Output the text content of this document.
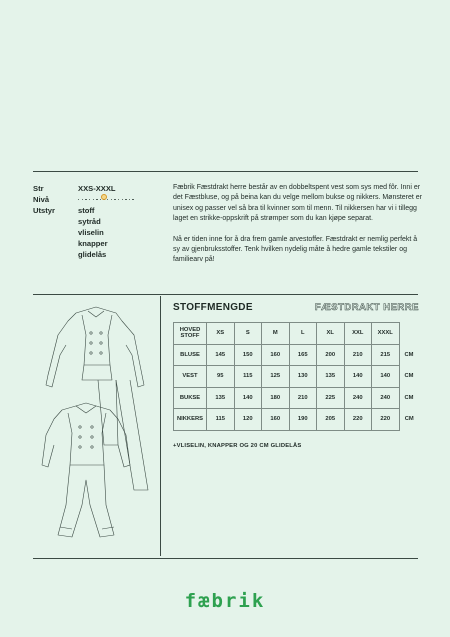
Str	XXS-XXXL
Nivå
Utstyr	stoff
sytråd
vliselin
knapper
glidelås

Fæbrik Fæstdrakt herre består av en dobbeltspent vest som sys med fôr. Inni er det Fæstbluse, og på beina kan du velge mellom bukse og nikkers. Mønsteret er unisex og passer vel så bra til kvinner som til menn. Til nikkersen har vi i tillegg laget en strikke-oppskrift på strømper som du kan kjøpe separat.

Nå er tiden inne for å dra frem gamle arvestoffer. Fæstdrakt er nemlig perfekt å sy av gjenbruksstoffer. Tenk hvilken nydelig måte å hedre gamle tekstiler og familiearv på!

STOFFMENGDE	FÆSTDRAKT HERRE
HOVED STOFF	XS	S	M	L	XL	XXL	XXXL	
BLUSE	145	150	160	165	200	210	215	CM
VEST	95	115	125	130	135	140	140	CM
BUKSE	135	140	180	210	225	240	240	CM
NIKKERS	115	120	160	190	205	220	220	CM
+VLISELIN, KNAPPER OG 20 CM GLIDELÅS
fæbrik
